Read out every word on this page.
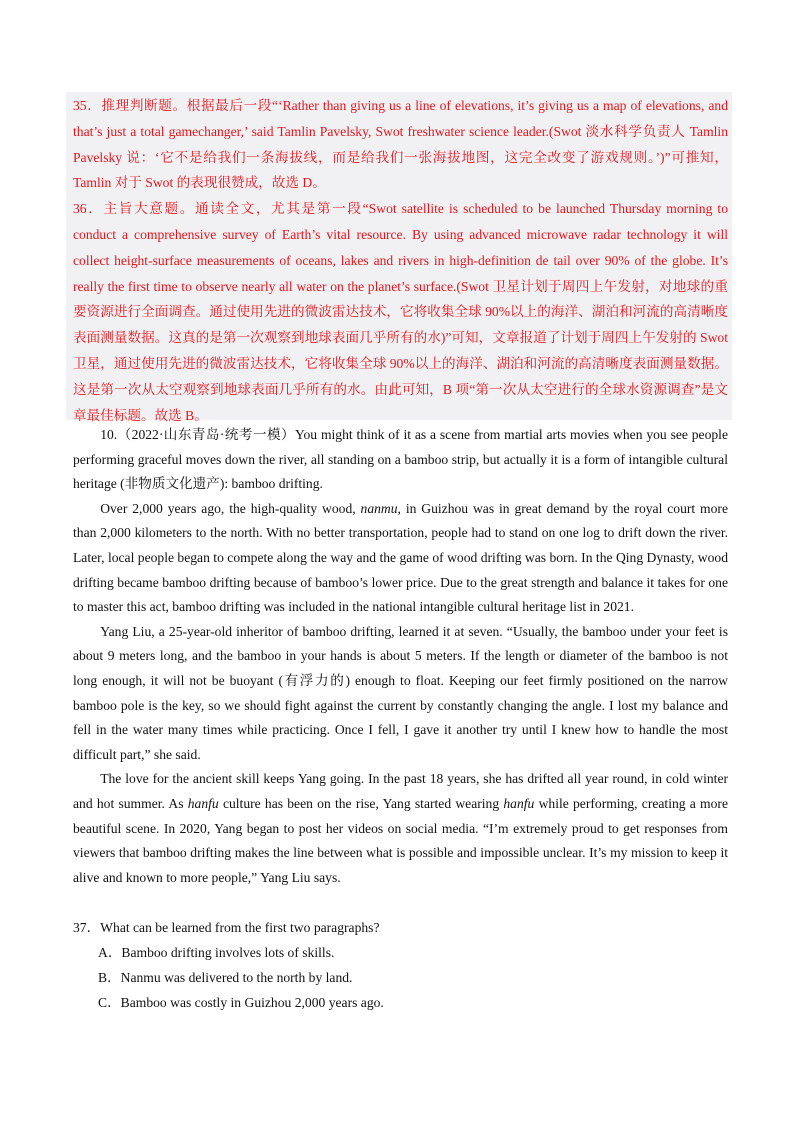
35．推理判断题。根据最后一段“‘Rather than giving us a line of elevations, it’s giving us a map of elevations, and that’s just a total gamechanger,’ said Tamlin Pavelsky, Swot freshwater science leader.(Swot 淡水科学负责人 Tamlin Pavelsky 说：‘它不是给我们一条海拔线，而是给我们一张海拔地图，这完全改变了游戏规则。’)”可推知，Tamlin 对于 Swot 的表现很赞成，故选 D。

36．主旨大意题。通读全文，尤其是第一段“Swot satellite is scheduled to be launched Thursday morning to conduct a comprehensive survey of Earth’s vital resource. By using advanced microwave radar technology it will collect height-surface measurements of oceans, lakes and rivers in high-definition de tail over 90% of the globe. It’s really the first time to observe nearly all water on the planet’s surface.(Swot 卫星计划于周四上午发射，对地球的重要资源进行全面调查。通过使用先进的微波雷达技术，它将收集全球 90%以上的海洋、湖泊和河流的高清晰度表面测量数据。这真的是第一次观察到地球表面几乎所有的水)”可知，文章报道了计划于周四上午发射的 Swot 卫星，通过使用先进的微波雷达技术，它将收集全球 90%以上的海洋、湖泊和河流的高清晰度表面测量数据。这是第一次从太空观察到地球表面几乎所有的水。由此可知，B 项“第一次从太空进行的全球水资源调查”是文章最佳标题。故选 B。

10.（2022·山东青岛·统考一模）You might think of it as a scene from martial arts movies when you see people performing graceful moves down the river, all standing on a bamboo strip, but actually it is a form of intangible cultural heritage (非物质文化遗产): bamboo drifting.

Over 2,000 years ago, the high-quality wood, nanmu, in Guizhou was in great demand by the royal court more than 2,000 kilometers to the north. With no better transportation, people had to stand on one log to drift down the river. Later, local people began to compete along the way and the game of wood drifting was born. In the Qing Dynasty, wood drifting became bamboo drifting because of bamboo’s lower price. Due to the great strength and balance it takes for one to master this act, bamboo drifting was included in the national intangible cultural heritage list in 2021.

Yang Liu, a 25-year-old inheritor of bamboo drifting, learned it at seven. “Usually, the bamboo under your feet is about 9 meters long, and the bamboo in your hands is about 5 meters. If the length or diameter of the bamboo is not long enough, it will not be buoyant (有浮力的) enough to float. Keeping our feet firmly positioned on the narrow bamboo pole is the key, so we should fight against the current by constantly changing the angle. I lost my balance and fell in the water many times while practicing. Once I fell, I gave it another try until I knew how to handle the most difficult part,” she said.

The love for the ancient skill keeps Yang going. In the past 18 years, she has drifted all year round, in cold winter and hot summer. As hanfu culture has been on the rise, Yang started wearing hanfu while performing, creating a more beautiful scene. In 2020, Yang began to post her videos on social media. “I’m extremely proud to get responses from viewers that bamboo drifting makes the line between what is possible and impossible unclear. It’s my mission to keep it alive and known to more people,” Yang Liu says.

37．What can be learned from the first two paragraphs?
A．Bamboo drifting involves lots of skills.
B．Nanmu was delivered to the north by land.
C．Bamboo was costly in Guizhou 2,000 years ago.
